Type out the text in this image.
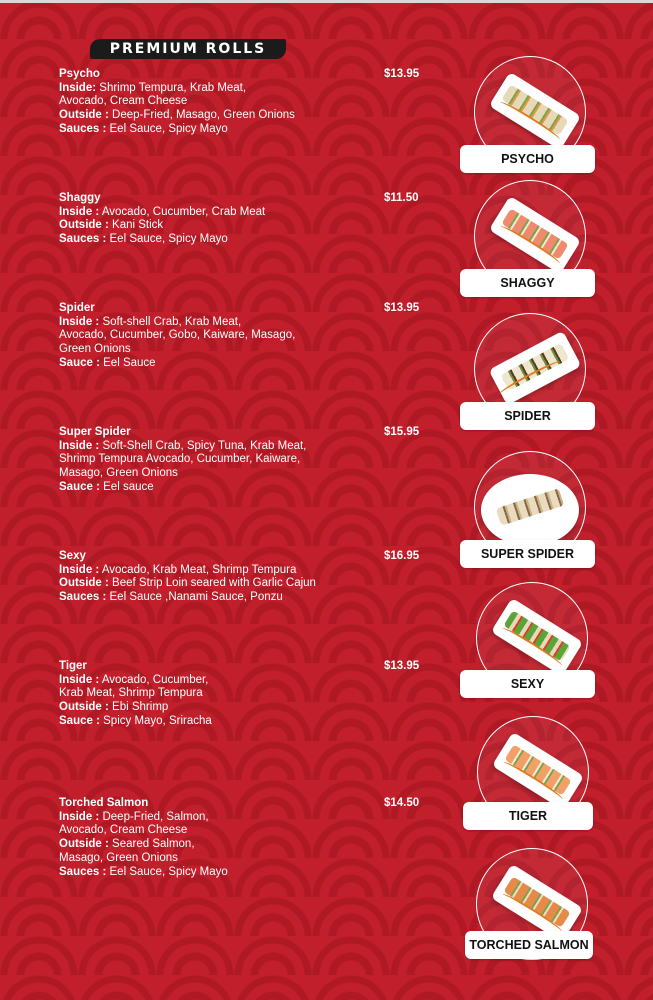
PREMIUM ROLLS
Psycho	$13.95
Inside: Shrimp Tempura, Krab Meat,
Avocado, Cream Cheese
Outside : Deep-Fried, Masago, Green Onions
Sauces : Eel Sauce, Spicy Mayo
Shaggy	$11.50
Inside : Avocado, Cucumber, Crab Meat
Outside : Kani Stick
Sauces : Eel Sauce, Spicy Mayo
Spider	$13.95
Inside : Soft-shell Crab, Krab Meat,
Avocado, Cucumber, Gobo, Kaiware, Masago,
Green Onions
Sauce : Eel Sauce
Super Spider	$15.95
Inside : Soft-Shell Crab, Spicy Tuna, Krab Meat,
Shrimp Tempura Avocado, Cucumber, Kaiware,
Masago, Green Onions
Sauce : Eel sauce
Sexy	$16.95
Inside : Avocado, Krab Meat, Shrimp Tempura
Outside : Beef Strip Loin seared with Garlic Cajun
Sauces : Eel Sauce ,Nanami Sauce, Ponzu
Tiger	$13.95
Inside : Avocado, Cucumber,
Krab Meat, Shrimp Tempura
Outside : Ebi Shrimp
Sauce : Spicy Mayo, Sriracha
Torched Salmon	$14.50
Inside : Deep-Fried, Salmon,
Avocado, Cream Cheese
Outside : Seared Salmon,
Masago, Green Onions
Sauces : Eel Sauce, Spicy Mayo
PSYCHO
SHAGGY
SPIDER
SUPER SPIDER
SEXY
TIGER
TORCHED SALMON
